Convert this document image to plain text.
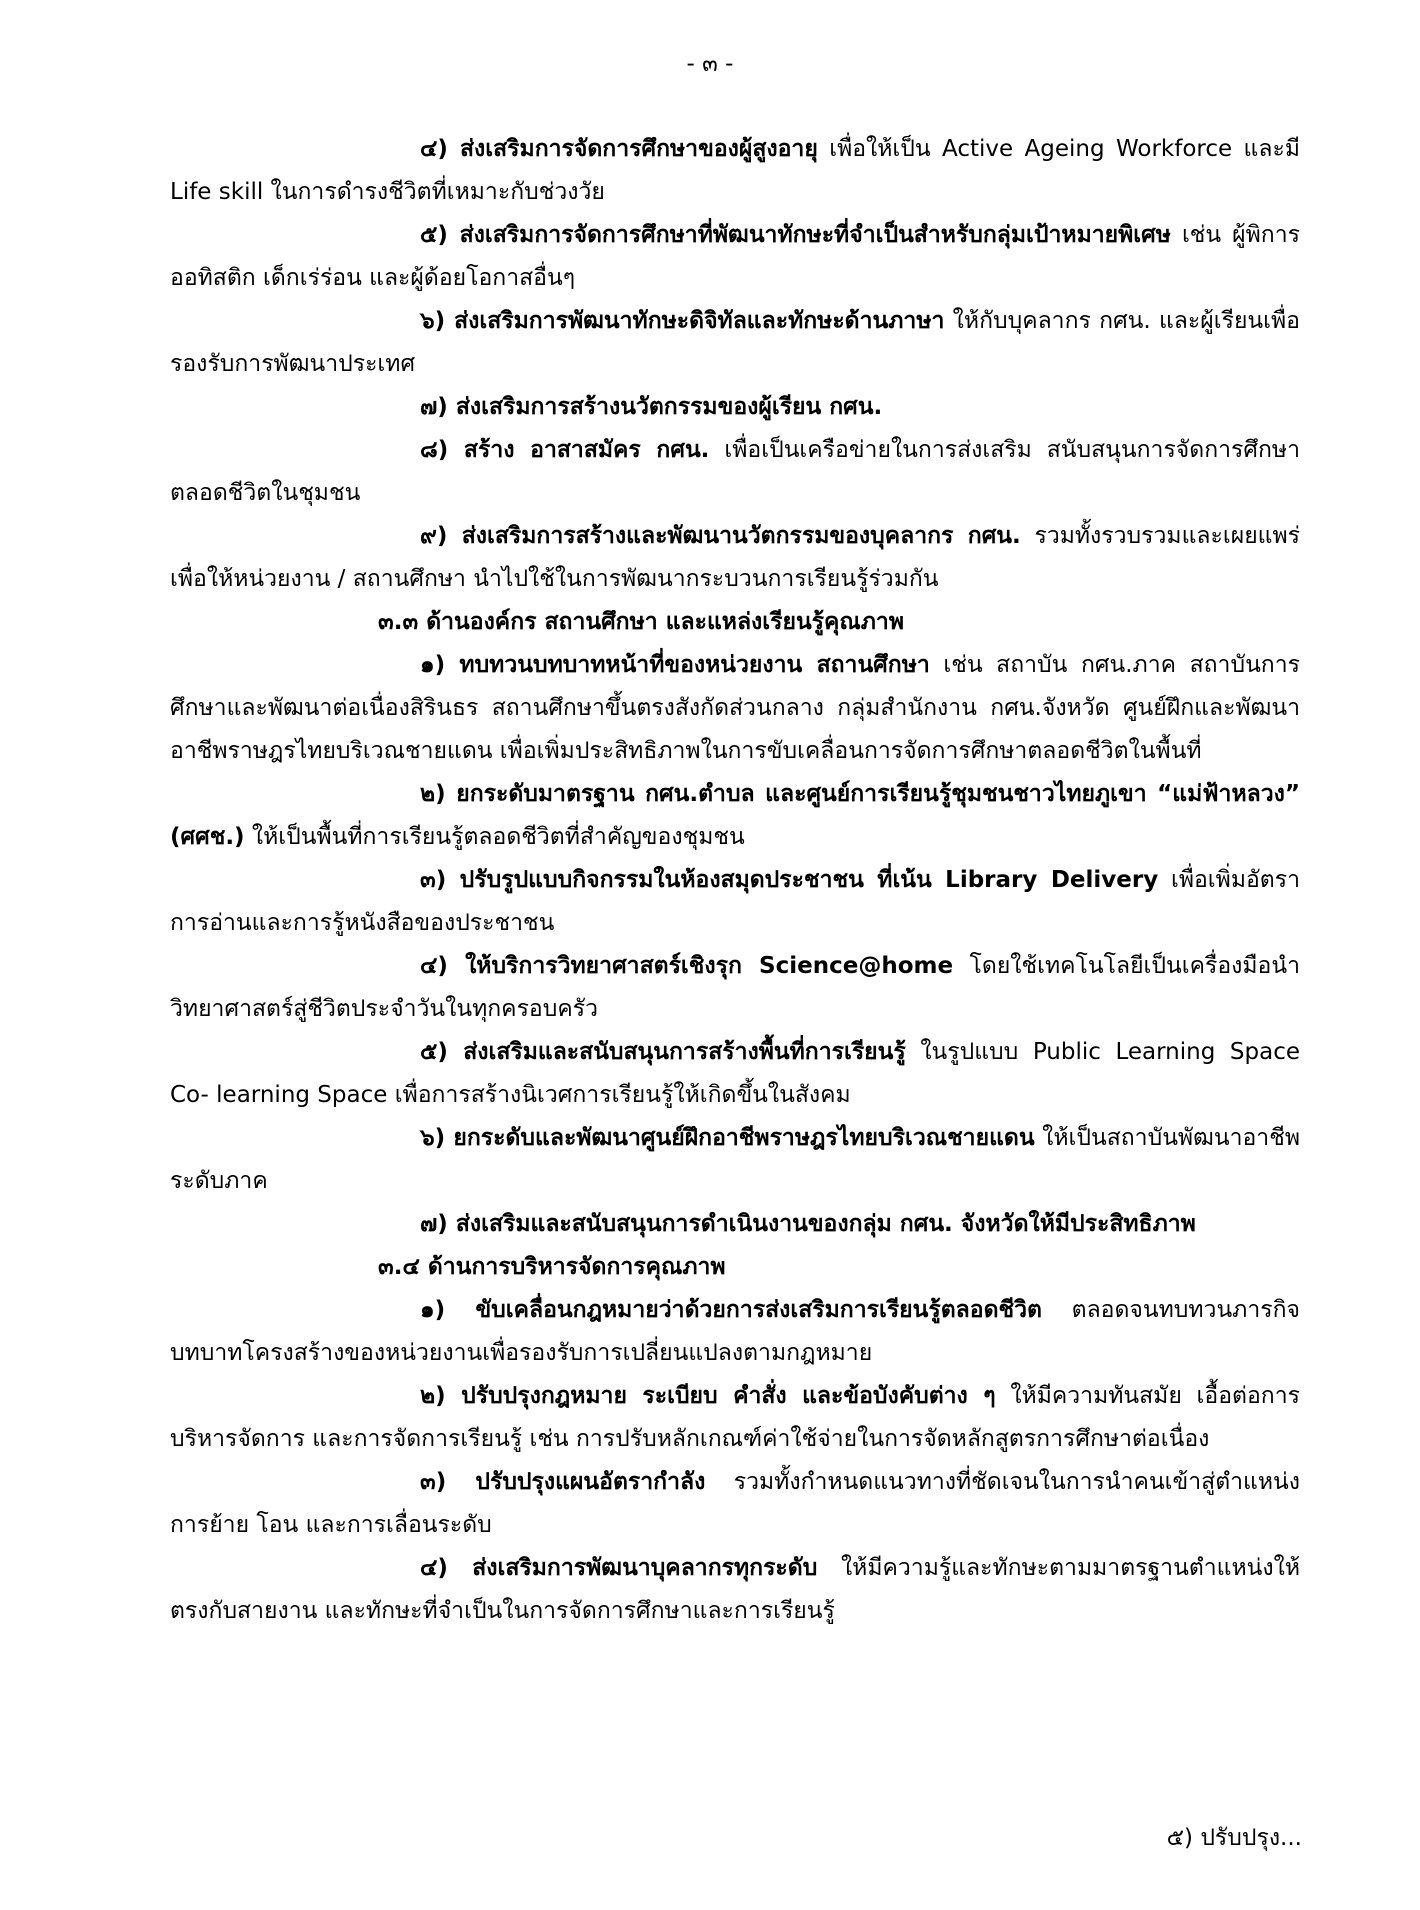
- ๓ -

๔) ส่งเสริมการจัดการศึกษาของผู้สูงอายุ เพื่อให้เป็น Active Ageing Workforce และมี Life skill ในการดำรงชีวิตที่เหมาะกับช่วงวัย

๕) ส่งเสริมการจัดการศึกษาที่พัฒนาทักษะที่จำเป็นสำหรับกลุ่มเป้าหมายพิเศษ เช่น ผู้พิการ ออทิสติก เด็กเร่ร่อน และผู้ด้อยโอกาสอื่นๆ

๖) ส่งเสริมการพัฒนาทักษะดิจิทัลและทักษะด้านภาษา ให้กับบุคลากร กศน. และผู้เรียนเพื่อรองรับการพัฒนาประเทศ

๗) ส่งเสริมการสร้างนวัตกรรมของผู้เรียน กศน.

๘) สร้าง อาสาสมัคร กศน. เพื่อเป็นเครือข่ายในการส่งเสริม สนับสนุนการจัดการศึกษาตลอดชีวิตในชุมชน

๙) ส่งเสริมการสร้างและพัฒนานวัตกรรมของบุคลากร กศน. รวมทั้งรวบรวมและเผยแพร่เพื่อให้หน่วยงาน / สถานศึกษา นำไปใช้ในการพัฒนากระบวนการเรียนรู้ร่วมกัน

๓.๓ ด้านองค์กร สถานศึกษา และแหล่งเรียนรู้คุณภาพ

๑) ทบทวนบทบาทหน้าที่ของหน่วยงาน สถานศึกษา เช่น สถาบัน กศน.ภาค สถาบันการศึกษาและพัฒนาต่อเนื่องสิรินธร สถานศึกษาขึ้นตรงสังกัดส่วนกลาง กลุ่มสำนักงาน กศน.จังหวัด ศูนย์ฝึกและพัฒนาอาชีพราษฎรไทยบริเวณชายแดน เพื่อเพิ่มประสิทธิภาพในการขับเคลื่อนการจัดการศึกษาตลอดชีวิตในพื้นที่

๒) ยกระดับมาตรฐาน กศน.ตำบล และศูนย์การเรียนรู้ชุมชนชาวไทยภูเขา “แม่ฟ้าหลวง” (ศศช.) ให้เป็นพื้นที่การเรียนรู้ตลอดชีวิตที่สำคัญของชุมชน

๓) ปรับรูปแบบกิจกรรมในห้องสมุดประชาชน ที่เน้น Library Delivery เพื่อเพิ่มอัตราการอ่านและการรู้หนังสือของประชาชน

๔) ให้บริการวิทยาศาสตร์เชิงรุก Science@home โดยใช้เทคโนโลยีเป็นเครื่องมือนำวิทยาศาสตร์สู่ชีวิตประจำวันในทุกครอบครัว

๕) ส่งเสริมและสนับสนุนการสร้างพื้นที่การเรียนรู้ ในรูปแบบ Public Learning Space Co- learning Space เพื่อการสร้างนิเวศการเรียนรู้ให้เกิดขึ้นในสังคม

๖) ยกระดับและพัฒนาศูนย์ฝึกอาชีพราษฎรไทยบริเวณชายแดน ให้เป็นสถาบันพัฒนาอาชีพระดับภาค

๗) ส่งเสริมและสนับสนุนการดำเนินงานของกลุ่ม กศน. จังหวัดให้มีประสิทธิภาพ

๓.๔ ด้านการบริหารจัดการคุณภาพ

๑) ขับเคลื่อนกฎหมายว่าด้วยการส่งเสริมการเรียนรู้ตลอดชีวิต ตลอดจนทบทวนภารกิจบทบาทโครงสร้างของหน่วยงานเพื่อรองรับการเปลี่ยนแปลงตามกฎหมาย

๒) ปรับปรุงกฎหมาย ระเบียบ คำสั่ง และข้อบังคับต่าง ๆ ให้มีความทันสมัย เอื้อต่อการบริหารจัดการ และการจัดการเรียนรู้ เช่น การปรับหลักเกณฑ์ค่าใช้จ่ายในการจัดหลักสูตรการศึกษาต่อเนื่อง

๓) ปรับปรุงแผนอัตรากำลัง รวมทั้งกำหนดแนวทางที่ชัดเจนในการนำคนเข้าสู่ตำแหน่ง การย้าย โอน และการเลื่อนระดับ

๔) ส่งเสริมการพัฒนาบุคลากรทุกระดับ ให้มีความรู้และทักษะตามมาตรฐานตำแหน่งให้ตรงกับสายงาน และทักษะที่จำเป็นในการจัดการศึกษาและการเรียนรู้

๕) ปรับปรุง...
